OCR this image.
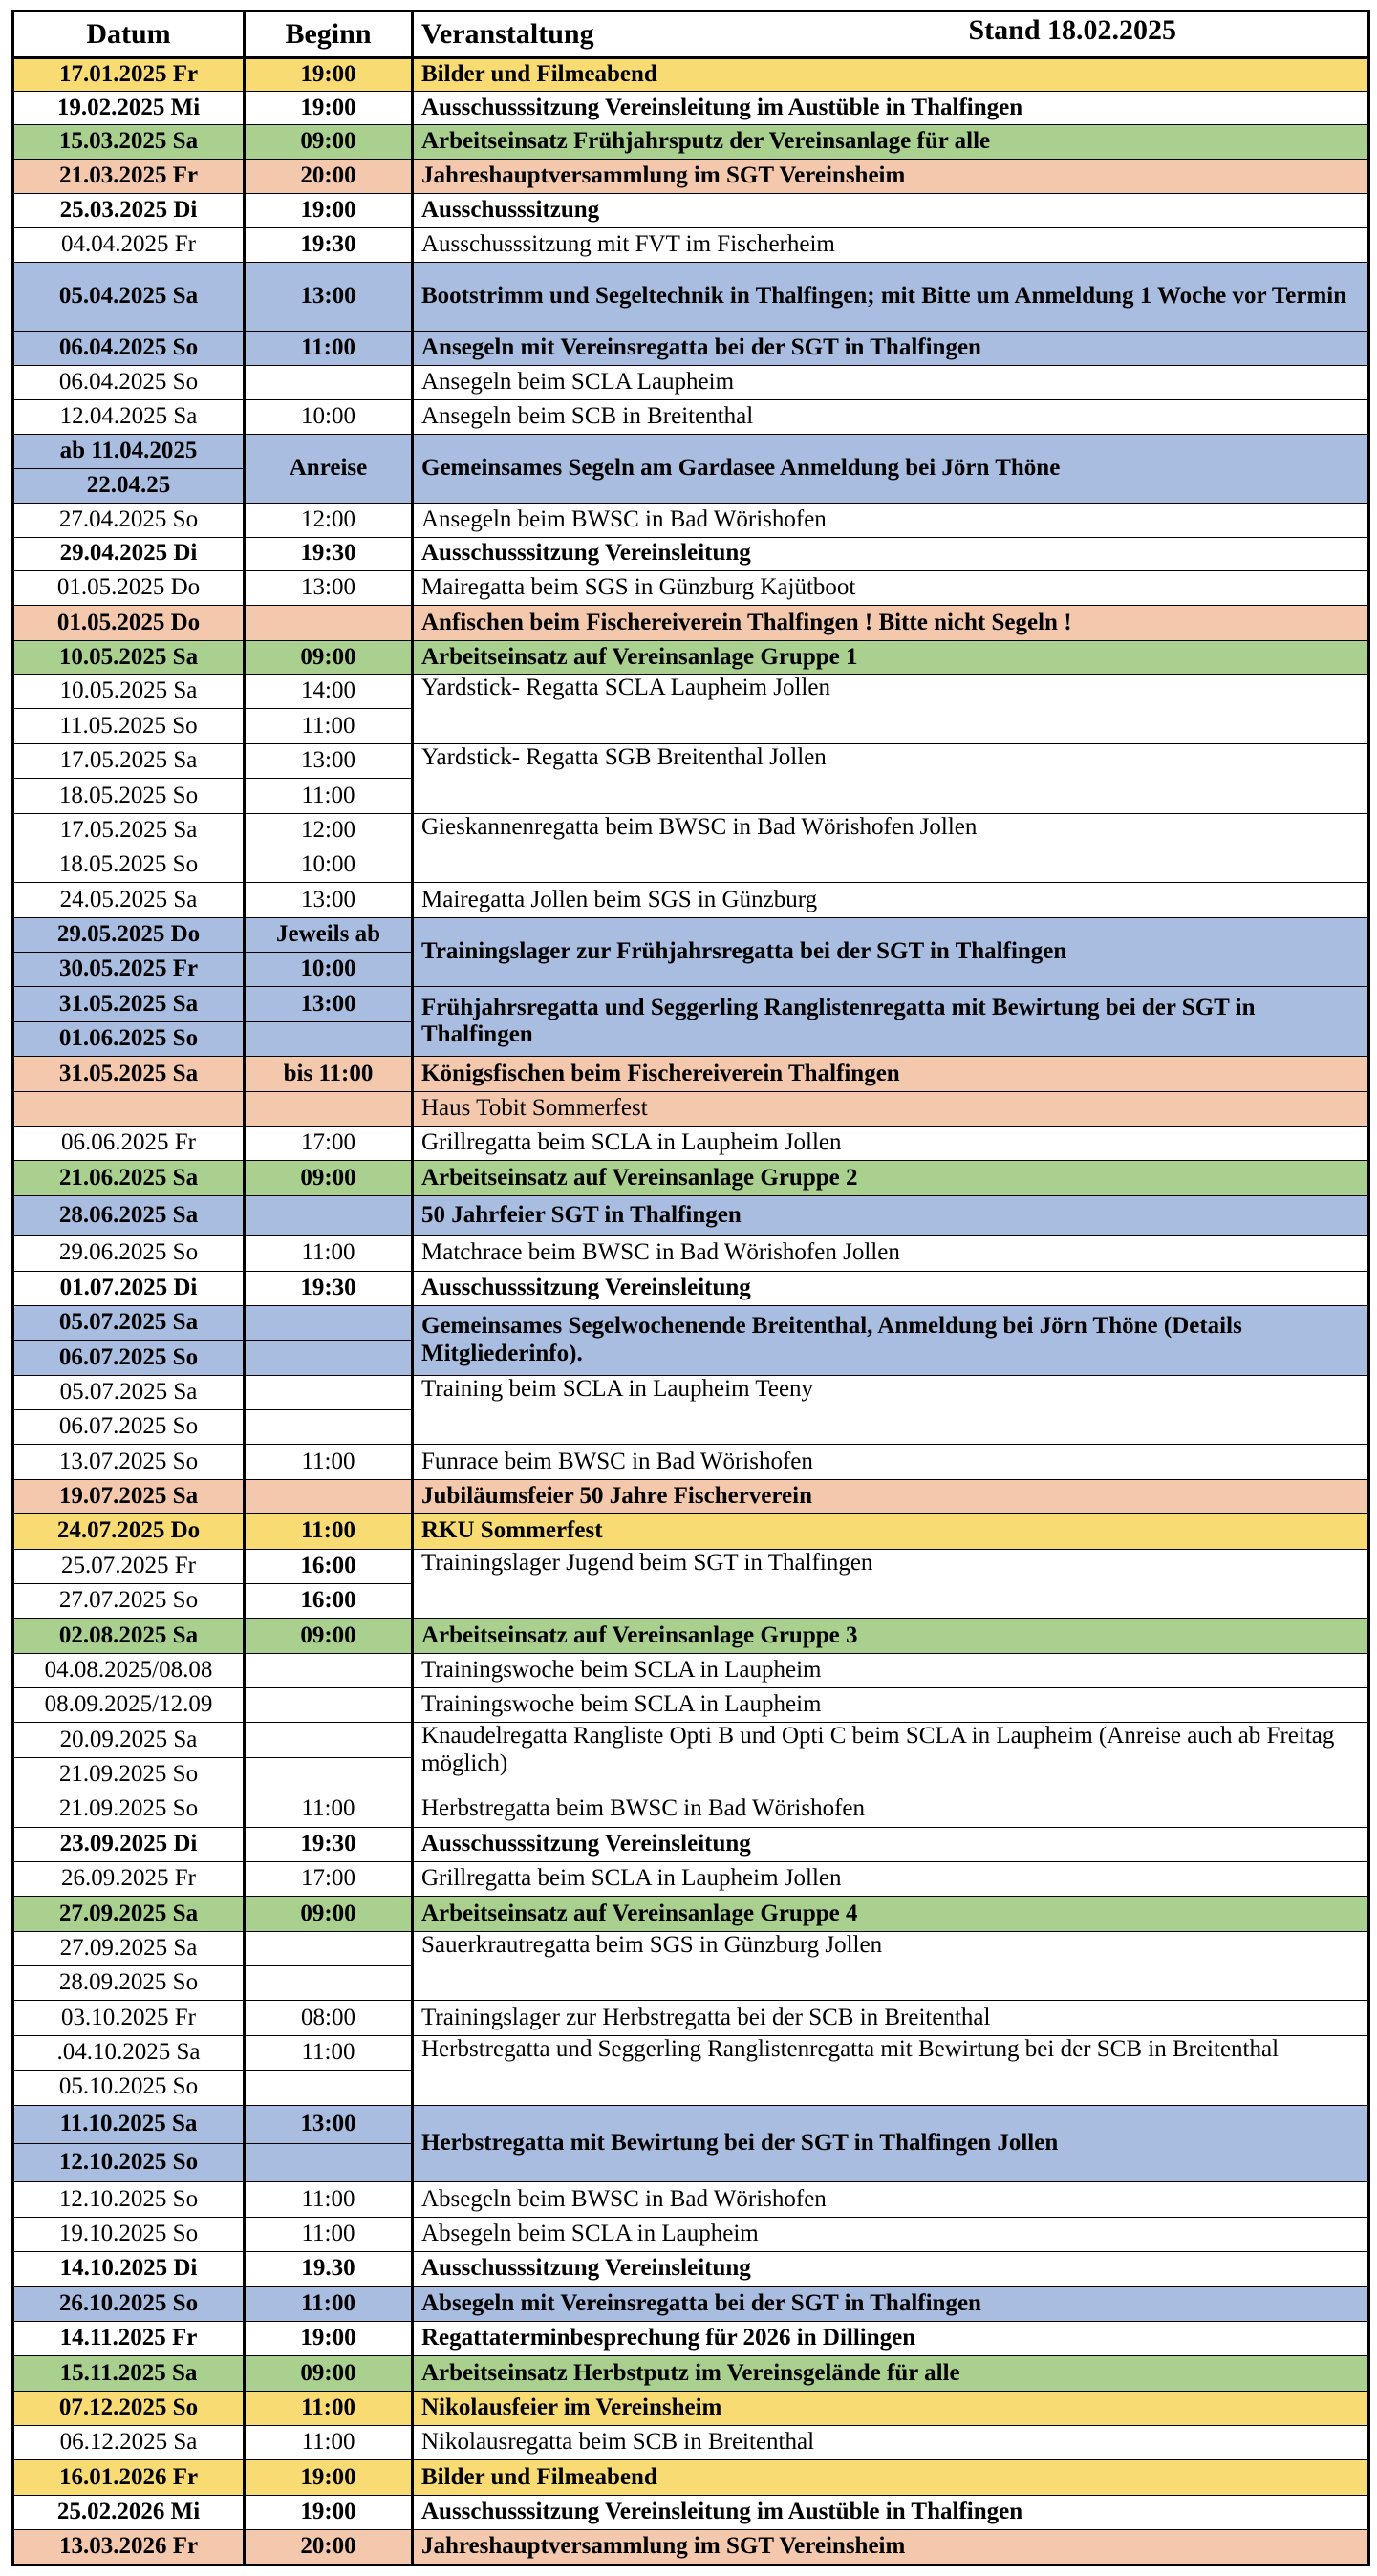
Datum	Beginn	Veranstaltung Stand 18.02.2025

17.01.2025 Fr	19:00	Bilder und Filmeabend
19.02.2025 Mi	19:00	Ausschusssitzung Vereinsleitung im Austüble in Thalfingen
15.03.2025 Sa	09:00	Arbeitseinsatz Frühjahrsputz der Vereinsanlage für alle
21.03.2025 Fr	20:00	Jahreshauptversammlung im SGT Vereinsheim
25.03.2025 Di	19:00	Ausschusssitzung
04.04.2025 Fr	19:30	Ausschusssitzung mit FVT im Fischerheim
05.04.2025 Sa	13:00	Bootstrimm und Segeltechnik in Thalfingen; mit Bitte um Anmeldung 1 Woche vor Termin
06.04.2025 So	11:00	Ansegeln mit Vereinsregatta bei der SGT in Thalfingen
06.04.2025 So		Ansegeln beim SCLA Laupheim
12.04.2025 Sa	10:00	Ansegeln beim SCB in Breitenthal
ab 11.04.2025	Anreise	Gemeinsames Segeln am Gardasee Anmeldung bei Jörn Thöne
22.04.25		
27.04.2025 So	12:00	Ansegeln beim BWSC in Bad Wörishofen
29.04.2025 Di	19:30	Ausschusssitzung Vereinsleitung
01.05.2025 Do	13:00	Mairegatta beim SGS in Günzburg Kajütboot
01.05.2025 Do		Anfischen beim Fischereiverein Thalfingen ! Bitte nicht Segeln !
10.05.2025 Sa	09:00	Arbeitseinsatz auf Vereinsanlage Gruppe 1
10.05.2025 Sa	14:00	Yardstick- Regatta SCLA Laupheim Jollen
11.05.2025 So	11:00	
17.05.2025 Sa	13:00	Yardstick- Regatta SGB Breitenthal Jollen
18.05.2025 So	11:00	
17.05.2025 Sa	12:00	Gieskannenregatta beim BWSC in Bad Wörishofen Jollen
18.05.2025 So	10:00	
24.05.2025 Sa	13:00	Mairegatta Jollen beim SGS in Günzburg
29.05.2025 Do	Jeweils ab	Trainingslager zur Frühjahrsregatta bei der SGT in Thalfingen
30.05.2025 Fr	10:00	
31.05.2025 Sa	13:00	Frühjahrsregatta und Seggerling Ranglistenregatta mit Bewirtung bei der SGT in Thalfingen
01.06.2025 So		
31.05.2025 Sa	bis 11:00	Königsfischen beim Fischereiverein Thalfingen
		Haus Tobit Sommerfest
06.06.2025 Fr	17:00	Grillregatta beim SCLA in Laupheim Jollen
21.06.2025 Sa	09:00	Arbeitseinsatz auf Vereinsanlage Gruppe 2
28.06.2025 Sa		50 Jahrfeier SGT in Thalfingen
29.06.2025 So	11:00	Matchrace beim BWSC in Bad Wörishofen Jollen
01.07.2025 Di	19:30	Ausschusssitzung Vereinsleitung
05.07.2025 Sa		Gemeinsames Segelwochenende Breitenthal, Anmeldung bei Jörn Thöne (Details Mitgliederinfo).
06.07.2025 So		
05.07.2025 Sa		Training beim SCLA in Laupheim Teeny
06.07.2025 So		
13.07.2025 So	11:00	Funrace beim BWSC in Bad Wörishofen
19.07.2025 Sa		Jubiläumsfeier 50 Jahre Fischerverein
24.07.2025 Do	11:00	RKU Sommerfest
25.07.2025 Fr	16:00	Trainingslager Jugend beim SGT in Thalfingen
27.07.2025 So	16:00	
02.08.2025 Sa	09:00	Arbeitseinsatz auf Vereinsanlage Gruppe 3
04.08.2025/08.08		Trainingswoche beim SCLA in Laupheim
08.09.2025/12.09		Trainingswoche beim SCLA in Laupheim
20.09.2025 Sa		Knaudelregatta Rangliste Opti B und Opti C beim SCLA in Laupheim (Anreise auch ab Freitag möglich)
21.09.2025 So		
21.09.2025 So	11:00	Herbstregatta beim BWSC in Bad Wörishofen
23.09.2025 Di	19:30	Ausschusssitzung Vereinsleitung
26.09.2025 Fr	17:00	Grillregatta beim SCLA in Laupheim Jollen
27.09.2025 Sa	09:00	Arbeitseinsatz auf Vereinsanlage Gruppe 4
27.09.2025 Sa		Sauerkrautregatta beim SGS in Günzburg Jollen
28.09.2025 So		
03.10.2025 Fr	08:00	Trainingslager zur Herbstregatta bei der SCB in Breitenthal
.04.10.2025 Sa	11:00	Herbstregatta und Seggerling Ranglistenregatta mit Bewirtung bei der SCB in Breitenthal
05.10.2025 So		
11.10.2025 Sa	13:00	Herbstregatta mit Bewirtung bei der SGT in Thalfingen Jollen
12.10.2025 So		
12.10.2025 So	11:00	Absegeln beim BWSC in Bad Wörishofen
19.10.2025 So	11:00	Absegeln beim SCLA in Laupheim
14.10.2025 Di	19.30	Ausschusssitzung Vereinsleitung
26.10.2025 So	11:00	Absegeln mit Vereinsregatta bei der SGT in Thalfingen
14.11.2025 Fr	19:00	Regattaterminbesprechung für 2026 in Dillingen
15.11.2025 Sa	09:00	Arbeitseinsatz Herbstputz im Vereinsgelände für alle
07.12.2025 So	11:00	Nikolausfeier im Vereinsheim
06.12.2025 Sa	11:00	Nikolausregatta beim SCB in Breitenthal
16.01.2026 Fr	19:00	Bilder und Filmeabend
25.02.2026 Mi	19:00	Ausschusssitzung Vereinsleitung im Austüble in Thalfingen
13.03.2026 Fr	20:00	Jahreshauptversammlung im SGT Vereinsheim
